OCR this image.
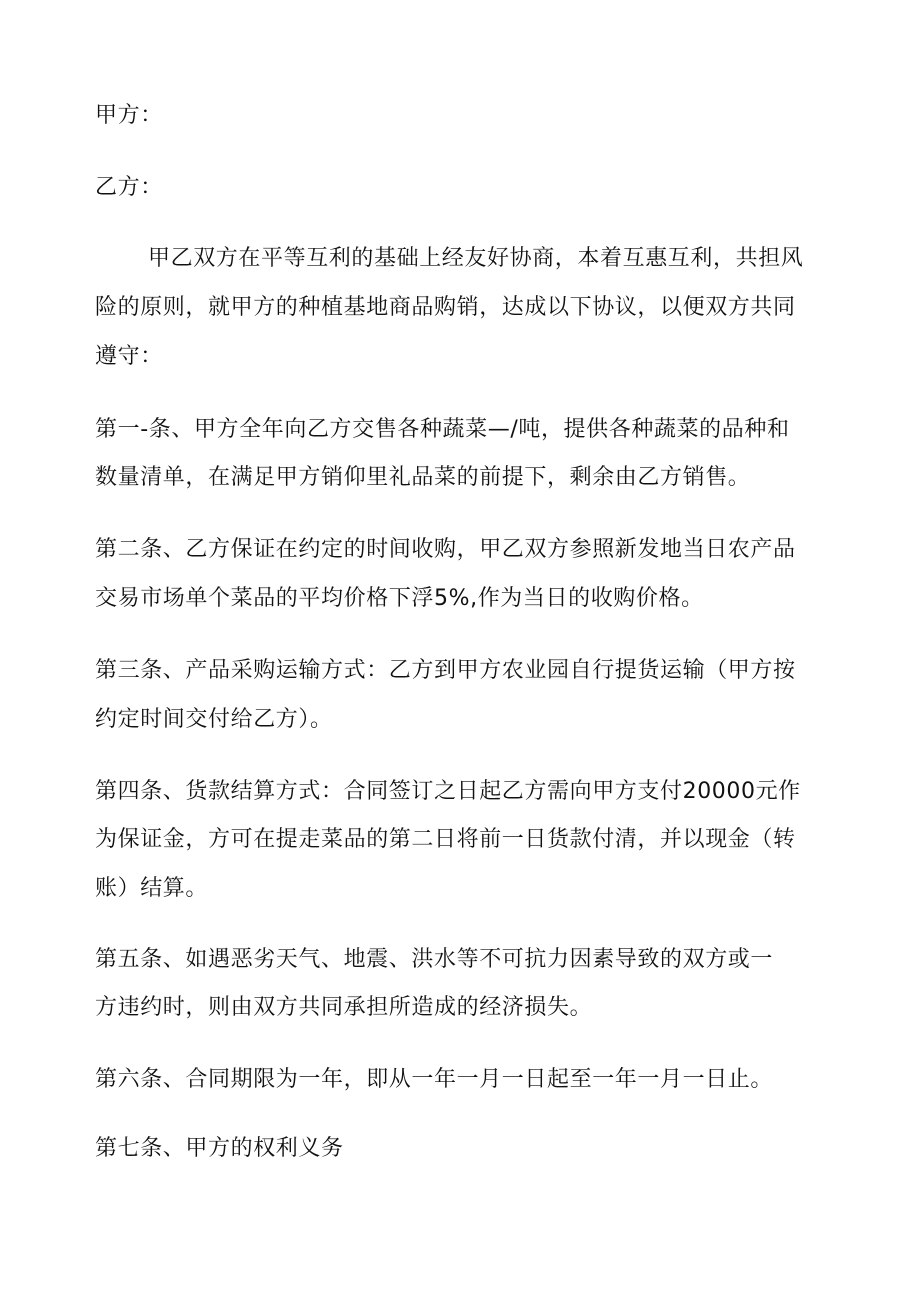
甲方：
乙方：
甲乙双方在平等互利的基础上经友好协商，本着互惠互利，共担风
险的原则，就甲方的种植基地商品购销，达成以下协议，以便双方共同
遵守：
第一-条、甲方全年向乙方交售各种蔬菜—/吨，提供各种蔬菜的品种和
数量清单，在满足甲方销仰里礼品菜的前提下，剩余由乙方销售。
第二条、乙方保证在约定的时间收购，甲乙双方参照新发地当日农产品
交易市场单个菜品的平均价格下浮5%,作为当日的收购价格。
第三条、产品采购运输方式：乙方到甲方农业园自行提货运输（甲方按
约定时间交付给乙方）。
第四条、货款结算方式：合同签订之日起乙方需向甲方支付20000元作
为保证金，方可在提走菜品的第二日将前一日货款付清，并以现金（转
账）结算。
第五条、如遇恶劣天气、地震、洪水等不可抗力因素导致的双方或一
方违约时，则由双方共同承担所造成的经济损失。
第六条、合同期限为一年，即从一年一月一日起至一年一月一日止。
第七条、甲方的权利义务
